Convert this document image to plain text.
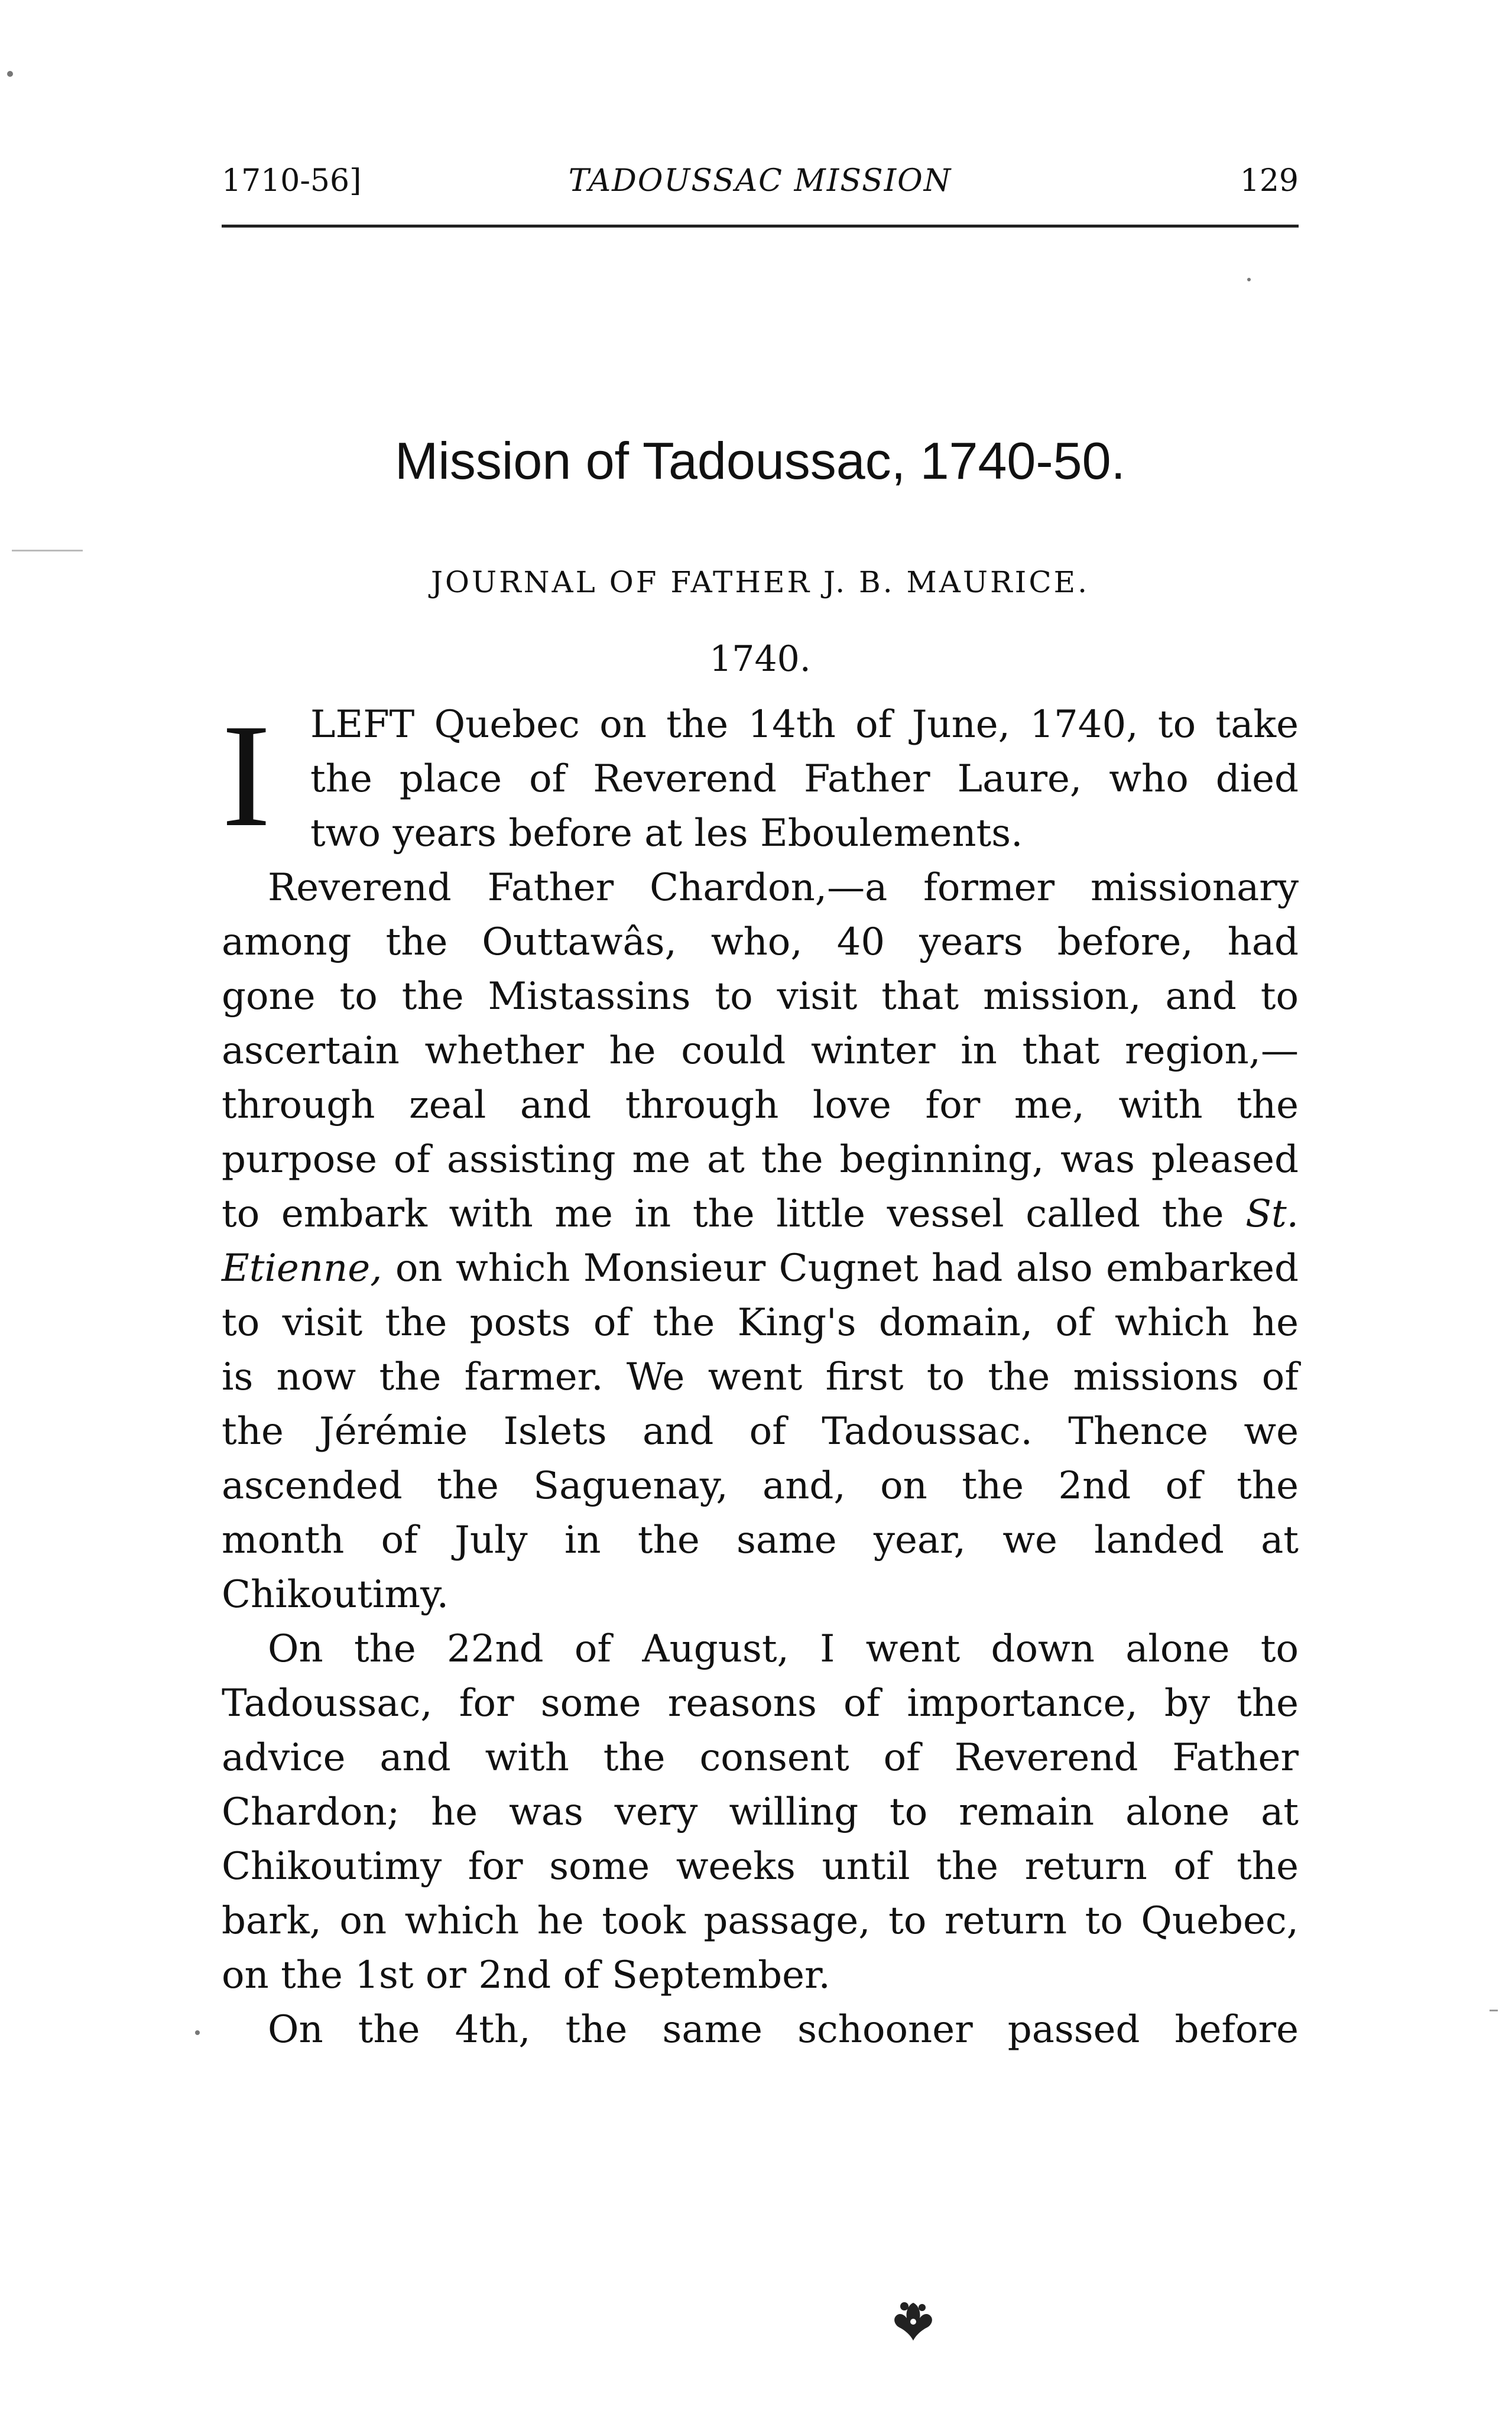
1710-56]	TADOUSSAC MISSION	129
Mission of Tadoussac, 1740-50.
JOURNAL OF FATHER J. B. MAURICE.
1740.
I	LEFT Quebec on the 14th of June, 1740, to take
the place of Reverend Father Laure, who died
two years before at les Eboulements.
Reverend Father Chardon,—a former missionary
among the Outtawâs, who, 40 years before, had
gone to the Mistassins to visit that mission, and to
ascertain whether he could winter in that region,—
through zeal and through love for me, with the
purpose of assisting me at the beginning, was pleased
to embark with me in the little vessel called the St.
Etienne, on which Monsieur Cugnet had also embarked
to visit the posts of the King's domain, of which he
is now the farmer. We went first to the missions of
the Jérémie Islets and of Tadoussac. Thence we
ascended the Saguenay, and, on the 2nd of the
month of July in the same year, we landed at
Chikoutimy.
On the 22nd of August, I went down alone to
Tadoussac, for some reasons of importance, by the
advice and with the consent of Reverend Father
Chardon; he was very willing to remain alone at
Chikoutimy for some weeks until the return of the
bark, on which he took passage, to return to Quebec,
on the 1st or 2nd of September.
On the 4th, the same schooner passed before
